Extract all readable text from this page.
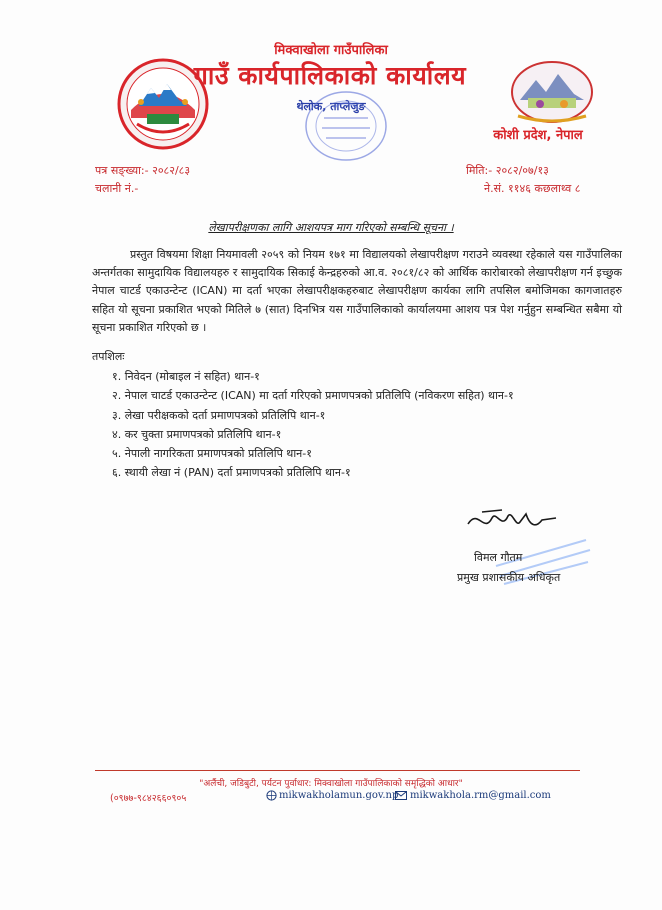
मिक्वाखोला गाउँपालिका
गाउँ कार्यपालिकाको कार्यालय
थेलोक, ताप्लेजुङ
कोशी प्रदेश, नेपाल
पत्र सङ्ख्या:- २०८२/८३
चलानी नं.-
मिति:- २०८२/०७/१३
ने.सं. ११४६ कछलाथ्व ८
लेखापरीक्षणका लागि आशयपत्र माग गरिएको सम्बन्धि सूचना ।

प्रस्तुत विषयमा शिक्षा नियमावली २०५९ को नियम १७१ मा विद्यालयको लेखापरीक्षण गराउने व्यवस्था रहेकाले यस गाउँपालिका अन्तर्गतका सामुदायिक विद्यालयहरु र सामुदायिक सिकाई केन्द्रहरुको आ.व. २०८१/८२ को आर्थिक कारोबारको लेखापरीक्षण गर्न इच्छुक नेपाल चाटर्ड एकाउन्टेन्ट (ICAN) मा दर्ता भएका लेखापरीक्षकहरुबाट लेखापरीक्षण कार्यका लागि तपसिल बमोजिमका कागजातहरु सहित यो सूचना प्रकाशित भएको मितिले ७ (सात) दिनभित्र यस गाउँपालिकाको कार्यालयमा आशय पत्र पेश गर्नुहुन सम्बन्धित सबैमा यो सूचना प्रकाशित गरिएको छ ।

तपशिलः
१. निवेदन (मोबाइल नं सहित) थान-१
२. नेपाल चाटर्ड एकाउन्टेन्ट (ICAN) मा दर्ता गरिएको प्रमाणपत्रको प्रतिलिपि (नविकरण सहित) थान-१
३. लेखा परीक्षकको दर्ता प्रमाणपत्रको प्रतिलिपि थान-१
४. कर चुक्ता प्रमाणपत्रको प्रतिलिपि थान-१
५. नेपाली नागरिकता प्रमाणपत्रको प्रतिलिपि थान-१
६. स्थायी लेखा नं (PAN) दर्ता प्रमाणपत्रको प्रतिलिपि थान-१
विमल गौतम
प्रमुख प्रशासकीय अधिकृत
"अलैंची, जडिबुटी, पर्यटन पुर्वाधार: मिक्वाखोला गाउँपालिकाको समृद्धिको आधार"
(०९७७-९८४२६६०९०५	mikwakholamun.gov.np mikwakhola.rm@gmail.com
